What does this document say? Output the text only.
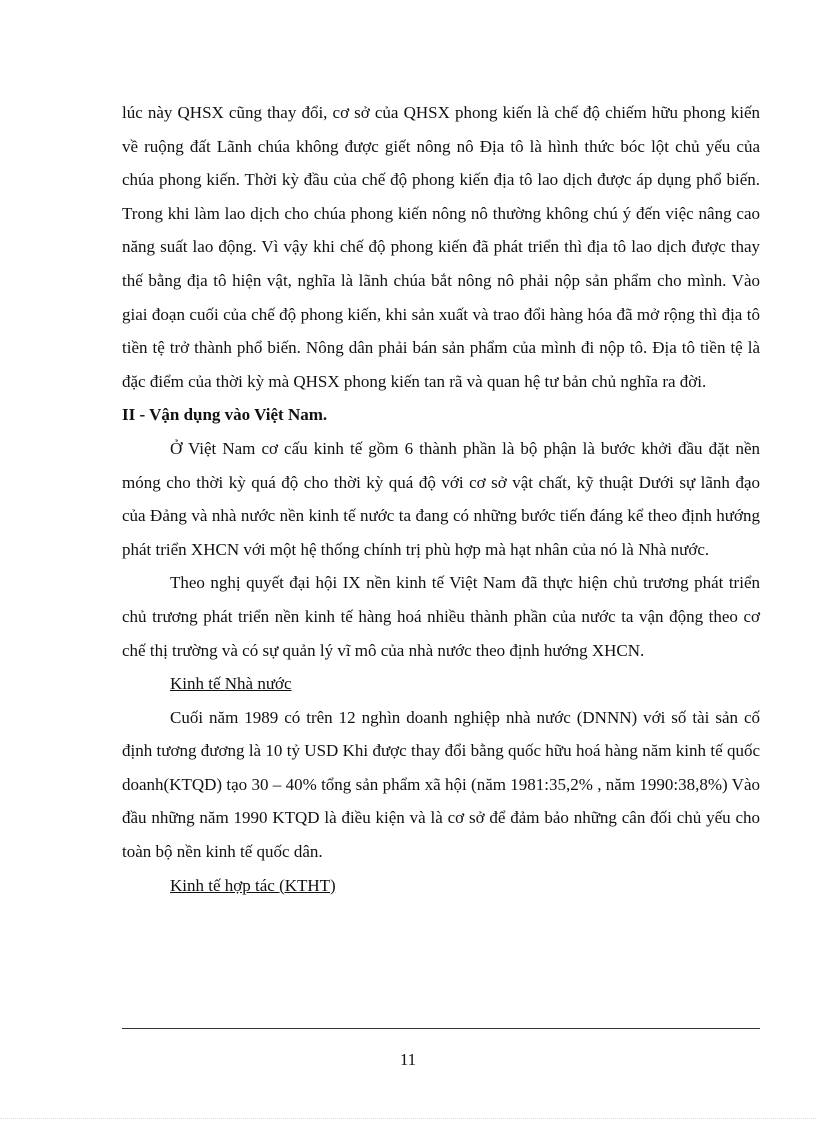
lúc này QHSX cũng thay đổi, cơ sở của QHSX phong kiến là chế độ chiếm hữu phong kiến về ruộng đất Lãnh chúa không được giết nông nô Địa tô là hình thức bóc lột chủ yếu của chúa phong kiến. Thời kỳ đầu của chế độ phong kiến địa tô lao dịch được áp dụng phổ biến. Trong khi làm lao dịch cho chúa phong kiến nông nô thường không chú ý đến việc nâng cao năng suất lao động. Vì vậy khi chế độ phong kiến đã phát triển thì địa tô lao dịch được thay thế bằng địa tô hiện vật, nghĩa là lãnh chúa bắt nông nô phải nộp sản phẩm cho mình. Vào giai đoạn cuối của chế độ phong kiến, khi sản xuất và trao đổi hàng hóa đã mở rộng thì địa tô tiền tệ trở thành phổ biến. Nông dân phải bán sản phẩm của mình đi nộp tô. Địa tô tiền tệ là đặc điểm của thời kỳ mà QHSX phong kiến tan rã và quan hệ tư bản chủ nghĩa ra đời.

II - Vận dụng vào Việt Nam.

Ở Việt Nam cơ cấu kinh tế gồm 6 thành phần là bộ phận là bước khởi đầu đặt nền móng cho thời kỳ quá độ cho thời kỳ quá độ với cơ sở vật chất, kỹ thuật Dưới sự lãnh đạo của Đảng và nhà nước nền kinh tế nước ta đang có những bước tiến đáng kể theo định hướng phát triển XHCN với một hệ thống chính trị phù hợp mà hạt nhân của nó là Nhà nước.

Theo nghị quyết đại hội IX nền kinh tế Việt Nam đã thực hiện chủ trương phát triển chủ trương phát triển nền kinh tế hàng hoá nhiều thành phần của nước ta vận động theo cơ chế thị trường và có sự quản lý vĩ mô của nhà nước theo định hướng XHCN.

Kinh tế Nhà nước

Cuối năm 1989 có trên 12 nghìn doanh nghiệp nhà nước (DNNN) với số tài sản cố định tương đương là 10 tỷ USD Khi được thay đổi bằng quốc hữu hoá hàng năm kinh tế quốc doanh(KTQD) tạo 30 – 40% tổng sản phẩm xã hội (năm 1981:35,2% , năm 1990:38,8%) Vào đầu những năm 1990 KTQD là điều kiện và là cơ sở để đảm bảo những cân đối chủ yếu cho toàn bộ nền kinh tế quốc dân.

Kinh tế hợp tác (KTHT)

11
